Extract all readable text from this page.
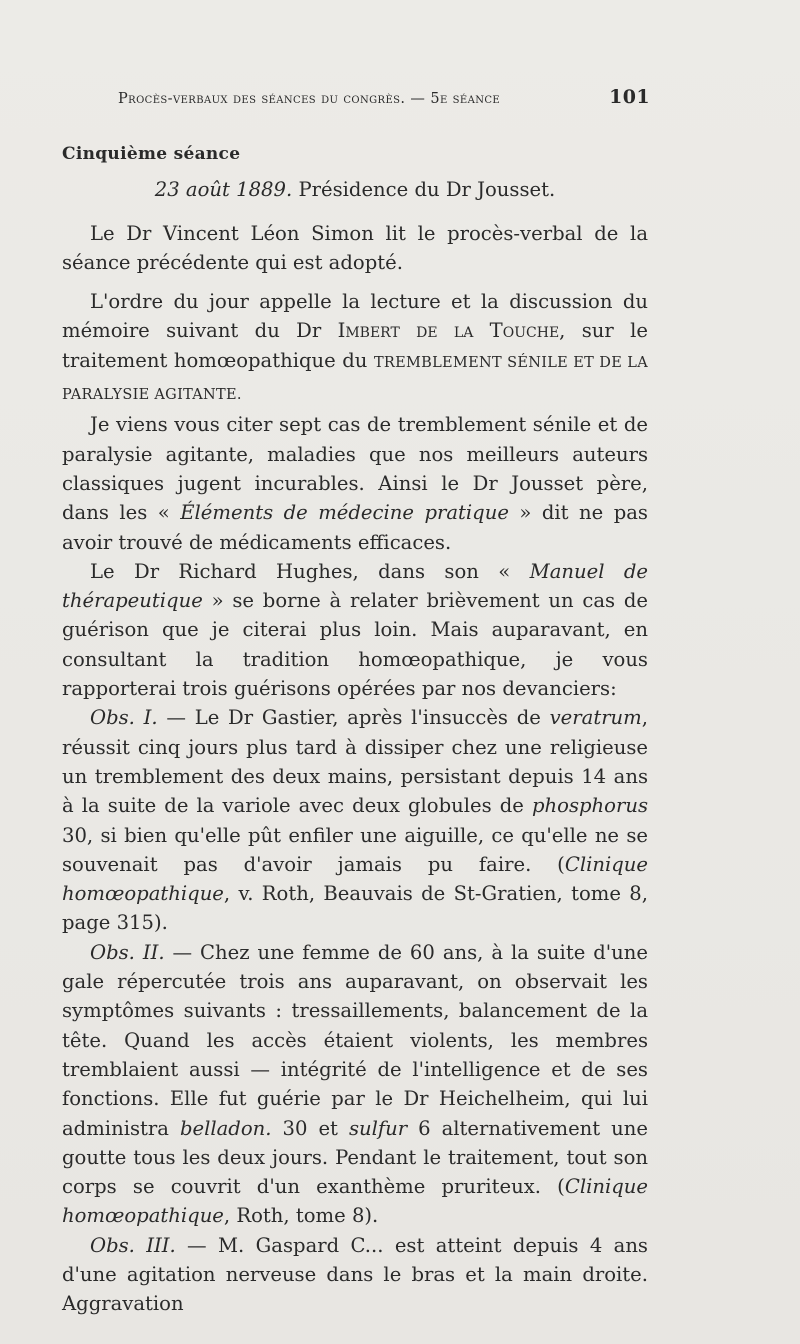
Procès-verbaux des séances du congrès. — 5e séance	101

Cinquième séance

23 août 1889. Présidence du Dr Jousset.

Le Dr Vincent Léon Simon lit le procès-verbal de la séance précédente qui est adopté.

L'ordre du jour appelle la lecture et la discussion du mémoire suivant du Dr Imbert de la Touche, sur le traitement homœopathique du TREMBLEMENT SÉNILE ET DE LA PARALYSIE AGITANTE.

Je viens vous citer sept cas de tremblement sénile et de paralysie agitante, maladies que nos meilleurs auteurs classiques jugent incurables. Ainsi le Dr Jousset père, dans les « Éléments de médecine pratique » dit ne pas avoir trouvé de médicaments efficaces.

Le Dr Richard Hughes, dans son « Manuel de thérapeutique » se borne à relater brièvement un cas de guérison que je citerai plus loin. Mais auparavant, en consultant la tradition homœopathique, je vous rapporterai trois guérisons opérées par nos devanciers:

Obs. I. — Le Dr Gastier, après l'insuccès de veratrum, réussit cinq jours plus tard à dissiper chez une religieuse un tremblement des deux mains, persistant depuis 14 ans à la suite de la variole avec deux globules de phosphorus 30, si bien qu'elle pût enfiler une aiguille, ce qu'elle ne se souvenait pas d'avoir jamais pu faire. (Clinique homœopathique, v. Roth, Beauvais de St-Gratien, tome 8, page 315).

Obs. II. — Chez une femme de 60 ans, à la suite d'une gale répercutée trois ans auparavant, on observait les symptômes suivants : tressaillements, balancement de la tête. Quand les accès étaient violents, les membres tremblaient aussi — intégrité de l'intelligence et de ses fonctions. Elle fut guérie par le Dr Heichelheim, qui lui administra belladon. 30 et sulfur 6 alternativement une goutte tous les deux jours. Pendant le traitement, tout son corps se couvrit d'un exanthème pruriteux. (Clinique homœopathique, Roth, tome 8).

Obs. III. — M. Gaspard C... est atteint depuis 4 ans d'une agitation nerveuse dans le bras et la main droite. Aggravation
